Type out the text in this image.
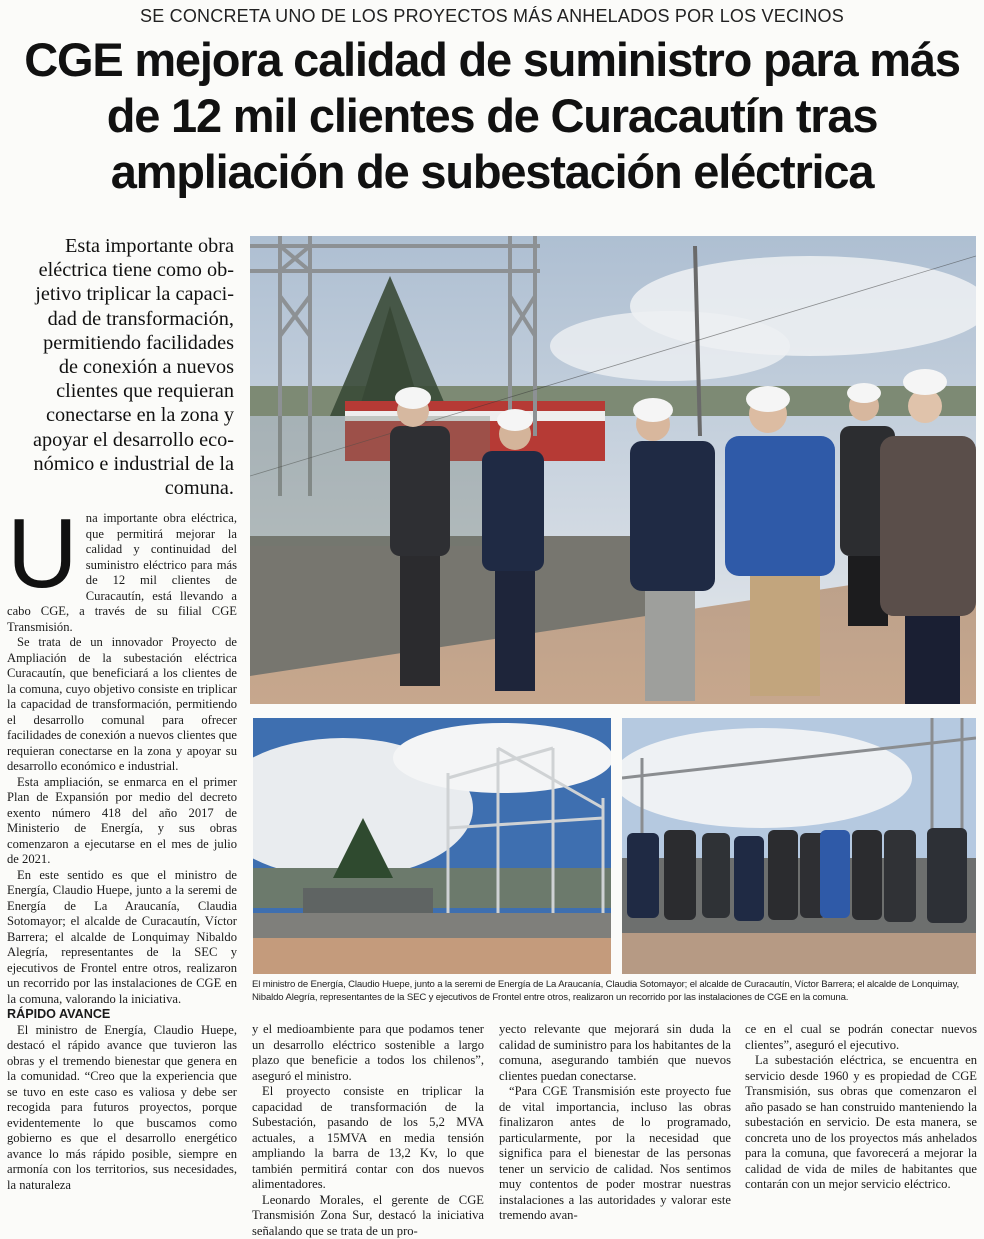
SE CONCRETA UNO DE LOS PROYECTOS MÁS ANHELADOS POR LOS VECINOS
CGE mejora calidad de suministro para más
de 12 mil clientes de Curacautín tras
ampliación de subestación eléctrica
Esta importante obra
eléctrica tiene como ob-
jetivo triplicar la capaci-
dad de transformación,
permitiendo facilidades
de conexión a nuevos
clientes que requieran
conectarse en la zona y
apoyar el desarrollo eco-
nómico e industrial de la
comuna.
El ministro de Energía, Claudio Huepe, junto a la seremi de Energía de La Araucanía, Claudia Sotomayor; el alcalde de Curacautín, Víctor Barrera; el alcalde de Lonquimay, Nibaldo Alegría, representantes de la SEC y ejecutivos de Frontel entre otros, realizaron un recorrido por las instalaciones de CGE en la comuna.
U na importante obra eléctrica, que permitirá mejorar la calidad y continuidad del suministro eléctrico para más de 12 mil clientes de Curacautín, está llevando a cabo CGE, a través de su filial CGE Transmisión.

Se trata de un innovador Proyecto de Ampliación de la subestación eléctrica Curacautín, que beneficiará a los clientes de la comuna, cuyo objetivo consiste en triplicar la capacidad de transformación, permitiendo el desarrollo comunal para ofrecer facilidades de conexión a nuevos clientes que requieran conectarse en la zona y apoyar su desarrollo económico e industrial.

Esta ampliación, se enmarca en el primer Plan de Expansión por medio del decreto exento número 418 del año 2017 de Ministerio de Energía, y sus obras comenzaron a ejecutarse en el mes de julio de 2021.

En este sentido es que el ministro de Energía, Claudio Huepe, junto a la seremi de Energía de La Araucanía, Claudia Sotomayor; el alcalde de Curacautín, Víctor Barrera; el alcalde de Lonquimay Nibaldo Alegría, representantes de la SEC y ejecutivos de Frontel entre otros, realizaron un recorrido por las instalaciones de CGE en la comuna, valorando la iniciativa.

RÁPIDO AVANCE

El ministro de Energía, Claudio Huepe, destacó el rápido avance que tuvieron las obras y el tremendo bienestar que genera en la comunidad. “Creo que la experiencia que se tuvo en este caso es valiosa y debe ser recogida para futuros proyectos, porque evidentemente lo que buscamos como gobierno es que el desarrollo energético avance lo más rápido posible, siempre en armonía con los territorios, sus necesidades, la naturaleza

y el medioambiente para que podamos tener un desarrollo eléctrico sostenible a largo plazo que beneficie a todos los chilenos”, aseguró el ministro.

El proyecto consiste en triplicar la capacidad de transformación de la Subestación, pasando de los 5,2 MVA actuales, a 15MVA en media tensión ampliando la barra de 13,2 Kv, lo que también permitirá contar con dos nuevos alimentadores.

Leonardo Morales, el gerente de CGE Transmisión Zona Sur, destacó la iniciativa señalando que se trata de un pro-

yecto relevante que mejorará sin duda la calidad de suministro para los habitantes de la comuna, asegurando también que nuevos clientes puedan conectarse.

“Para CGE Transmisión este proyecto fue de vital importancia, incluso las obras finalizaron antes de lo programado, particularmente, por la necesidad que significa para el bienestar de las personas tener un servicio de calidad. Nos sentimos muy contentos de poder mostrar nuestras instalaciones a las autoridades y valorar este tremendo avan-

ce en el cual se podrán conectar nuevos clientes”, aseguró el ejecutivo.

La subestación eléctrica, se encuentra en servicio desde 1960 y es propiedad de CGE Transmisión, sus obras que comenzaron el año pasado se han construido manteniendo la subestación en servicio. De esta manera, se concreta uno de los proyectos más anhelados para la comuna, que favorecerá a mejorar la calidad de vida de miles de habitantes que contarán con un mejor servicio eléctrico.
